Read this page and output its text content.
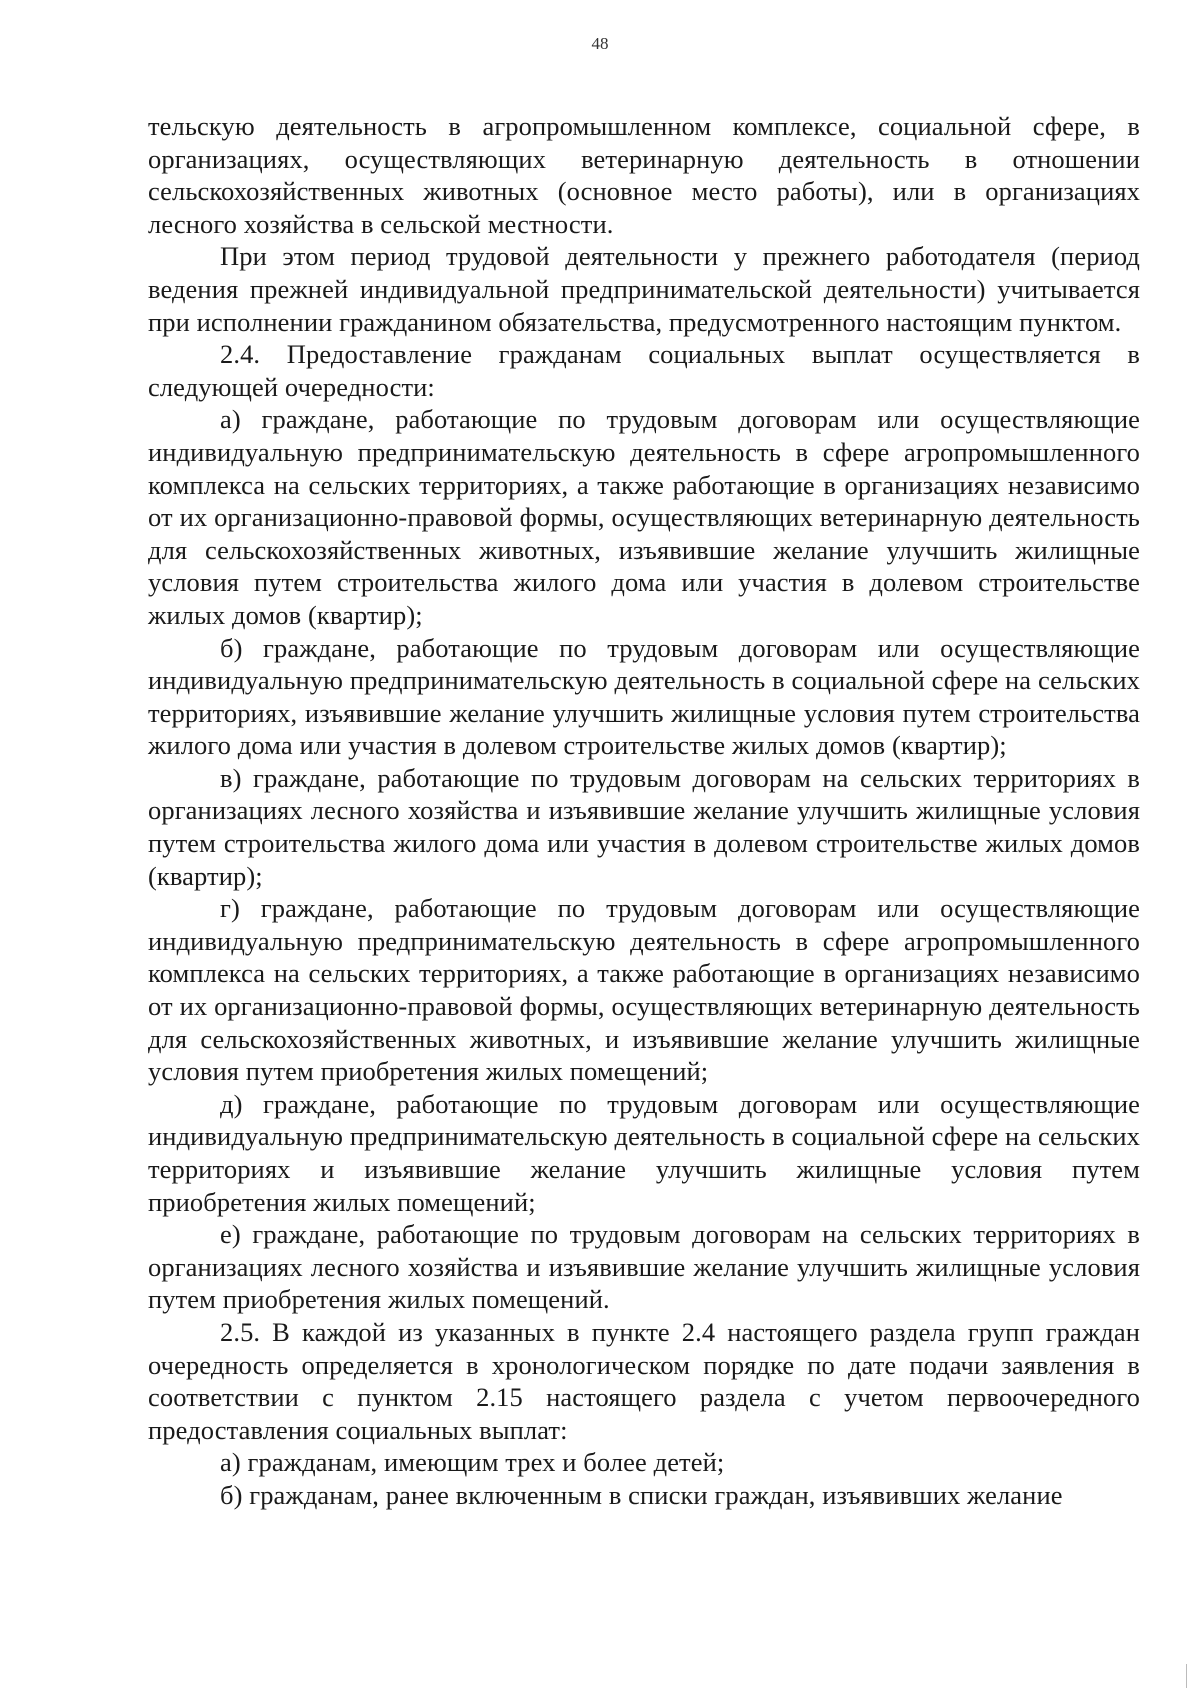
48

тельскую деятельность в агропромышленном комплексе, социальной сфере, в организациях, осуществляющих ветеринарную деятельность в отношении сельскохозяйственных животных (основное место работы), или в организациях лесного хозяйства в сельской местности.

При этом период трудовой деятельности у прежнего работодателя (период ведения прежней индивидуальной предпринимательской деятельности) учитывается при исполнении гражданином обязательства, предусмотренного настоящим пунктом.

2.4. Предоставление гражданам социальных выплат осуществляется в следующей очередности:

а) граждане, работающие по трудовым договорам или осуществляющие индивидуальную предпринимательскую деятельность в сфере агропромышленного комплекса на сельских территориях, а также работающие в организациях независимо от их организационно-правовой формы, осуществляющих ветеринарную деятельность для сельскохозяйственных животных, изъявившие желание улучшить жилищные условия путем строительства жилого дома или участия в долевом строительстве жилых домов (квартир);

б) граждане, работающие по трудовым договорам или осуществляющие индивидуальную предпринимательскую деятельность в социальной сфере на сельских территориях, изъявившие желание улучшить жилищные условия путем строительства жилого дома или участия в долевом строительстве жилых домов (квартир);

в) граждане, работающие по трудовым договорам на сельских территориях в организациях лесного хозяйства и изъявившие желание улучшить жилищные условия путем строительства жилого дома или участия в долевом строительстве жилых домов (квартир);

г) граждане, работающие по трудовым договорам или осуществляющие индивидуальную предпринимательскую деятельность в сфере агропромышленного комплекса на сельских территориях, а также работающие в организациях независимо от их организационно-правовой формы, осуществляющих ветеринарную деятельность для сельскохозяйственных животных, и изъявившие желание улучшить жилищные условия путем приобретения жилых помещений;

д) граждане, работающие по трудовым договорам или осуществляющие индивидуальную предпринимательскую деятельность в социальной сфере на сельских территориях и изъявившие желание улучшить жилищные условия путем приобретения жилых помещений;

е) граждане, работающие по трудовым договорам на сельских территориях в организациях лесного хозяйства и изъявившие желание улучшить жилищные условия путем приобретения жилых помещений.

2.5. В каждой из указанных в пункте 2.4 настоящего раздела групп граждан очередность определяется в хронологическом порядке по дате подачи заявления в соответствии с пунктом 2.15 настоящего раздела с учетом первоочередного предоставления социальных выплат:

а) гражданам, имеющим трех и более детей;

б) гражданам, ранее включенным в списки граждан, изъявивших желание
